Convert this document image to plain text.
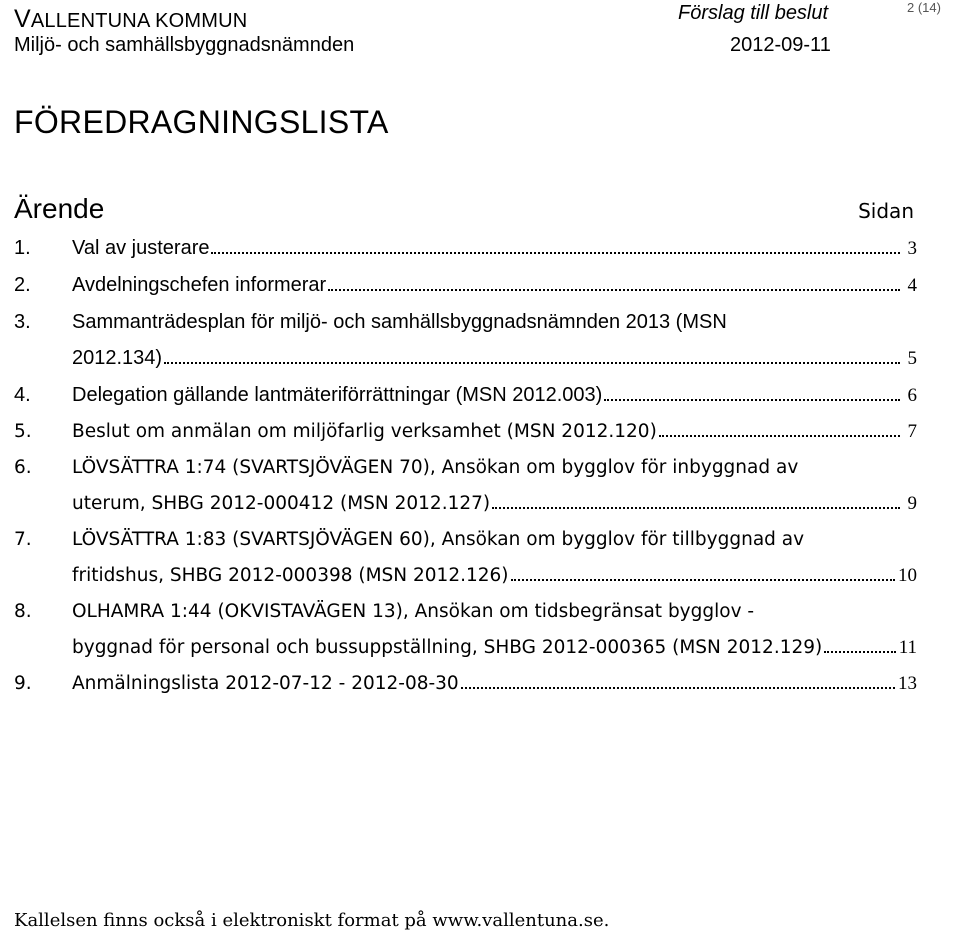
VALLENTUNA KOMMUN
Miljö- och samhällsbyggnadsnämnden
Förslag till beslut
2012-09-11
2 (14)
FÖREDRAGNINGSLISTA
Ärende	Sidan
1.	Val av justerare	3
2.	Avdelningschefen informerar	4
3.	Sammanträdesplan för miljö- och samhällsbyggnadsnämnden 2013 (MSN
2012.134)	5
4.	Delegation gällande lantmäteriförrättningar (MSN 2012.003)	6
5.	Beslut om anmälan om miljöfarlig verksamhet (MSN 2012.120)	7
6.	LÖVSÄTTRA 1:74 (SVARTSJÖVÄGEN 70), Ansökan om bygglov för inbyggnad av
uterum, SHBG 2012-000412 (MSN 2012.127)	9
7.	LÖVSÄTTRA 1:83 (SVARTSJÖVÄGEN 60), Ansökan om bygglov för tillbyggnad av
fritidshus, SHBG 2012-000398 (MSN 2012.126)	10
8.	OLHAMRA 1:44 (OKVISTAVÄGEN 13), Ansökan om tidsbegränsat bygglov -
byggnad för personal och bussuppställning, SHBG 2012-000365 (MSN 2012.129)	11
9.	Anmälningslista 2012-07-12 - 2012-08-30	13
Kallelsen finns också i elektroniskt format på www.vallentuna.se.
